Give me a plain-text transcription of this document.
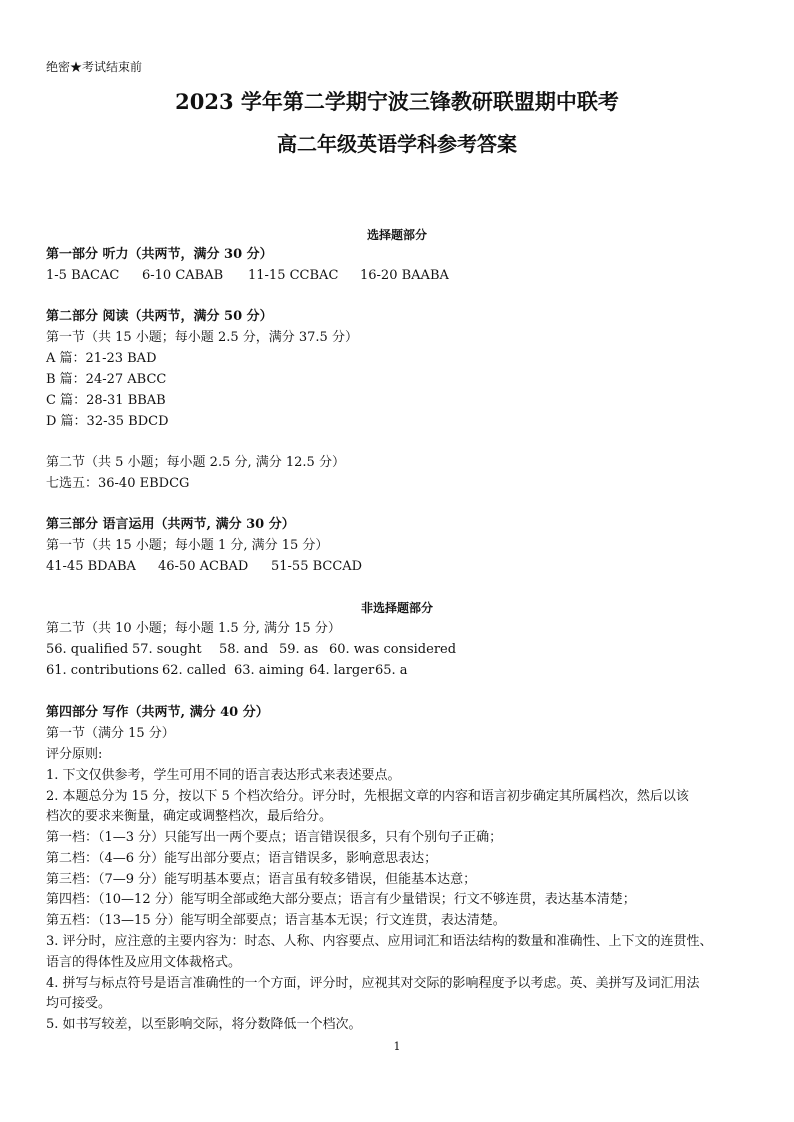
绝密★考试结束前
2023 学年第二学期宁波三锋教研联盟期中联考
高二年级英语学科参考答案
选择题部分
第一部分 听力（共两节，满分 30 分）
1-5 BACAC 6-10 CABAB 11-15 CCBAC 16-20 BAABA
第二部分 阅读（共两节，满分 50 分）
第一节（共 15 小题；每小题 2.5 分，满分 37.5 分）
A 篇：21-23 BAD
B 篇：24-27 ABCC
C 篇：28-31 BBAB
D 篇：32-35 BDCD
第二节（共 5 小题；每小题 2.5 分, 满分 12.5 分）
七选五：36-40 EBDCG
第三部分 语言运用（共两节, 满分 30 分）
第一节（共 15 小题；每小题 1 分, 满分 15 分）
41-45 BDABA 46-50 ACBAD 51-55 BCCAD
非选择题部分
第二节（共 10 小题；每小题 1.5 分, 满分 15 分）
56. qualified 57. sought 58. and 59. as 60. was considered
61. contributions 62. called 63. aiming 64. larger65. a
第四部分 写作（共两节, 满分 40 分）
第一节（满分 15 分）
评分原则:
1. 下文仅供参考，学生可用不同的语言表达形式来表述要点。
2. 本题总分为 15 分，按以下 5 个档次给分。评分时，先根据文章的内容和语言初步确定其所属档次，然后以该
档次的要求来衡量，确定或调整档次，最后给分。
第一档：（1—3 分）只能写出一两个要点；语言错误很多，只有个别句子正确；
第二档：（4—6 分）能写出部分要点；语言错误多，影响意思表达；
第三档：（7—9 分）能写明基本要点；语言虽有较多错误，但能基本达意；
第四档：（10—12 分）能写明全部或绝大部分要点；语言有少量错误；行文不够连贯，表达基本清楚；
第五档：（13—15 分）能写明全部要点；语言基本无误；行文连贯，表达清楚。
3. 评分时，应注意的主要内容为：时态、人称、内容要点、应用词汇和语法结构的数量和准确性、上下文的连贯性、
语言的得体性及应用文体裁格式。
4. 拼写与标点符号是语言准确性的一个方面，评分时，应视其对交际的影响程度予以考虑。英、美拼写及词汇用法
均可接受。
5. 如书写较差，以至影响交际，将分数降低一个档次。
1
